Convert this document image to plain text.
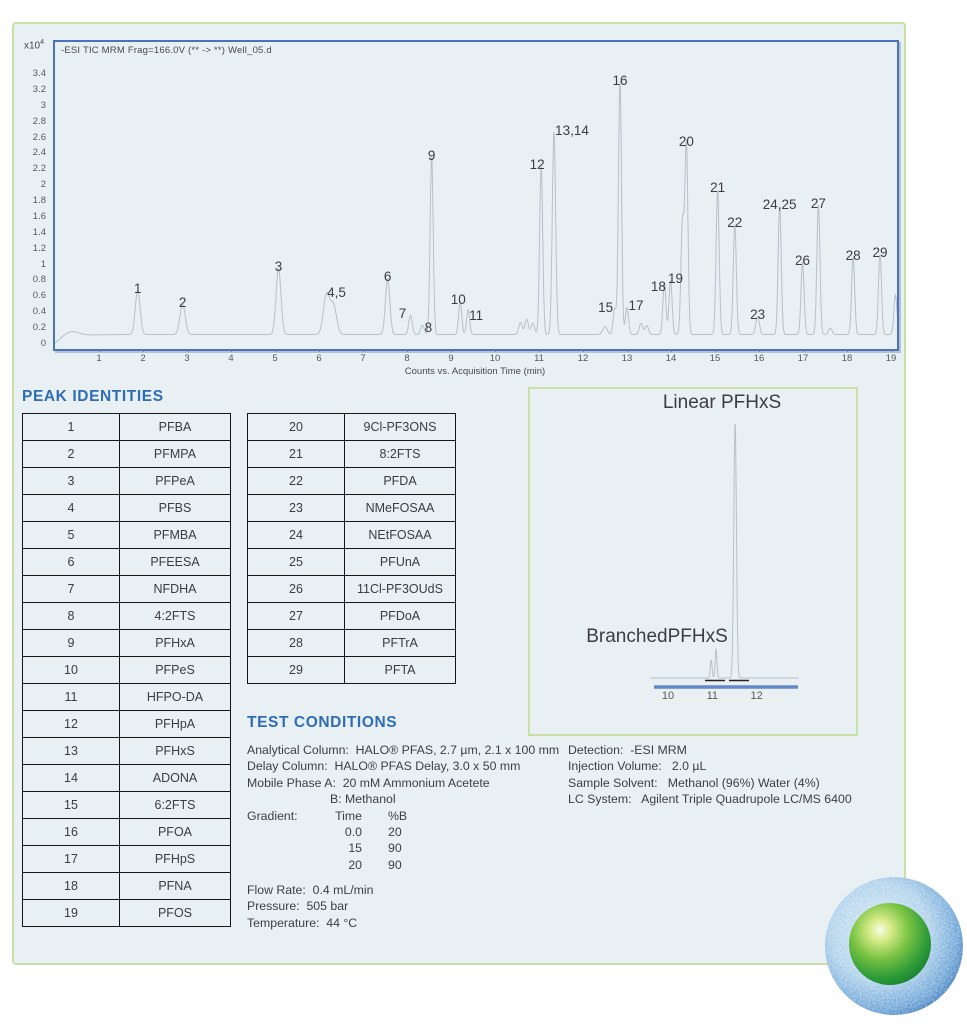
-ESI TIC MRM Frag=166.0V (** -> **) Well_05.d
$x10^4$
3.4
3.2
3
2.8
2.6
2.4
2.2
2
1.8
1.6
1.4
1.2
1
0.8
0.6
0.4
0.2
0
1	2	3	4	5	6	7	8	9	10	11	12	13	14	15	16	17	18	19
Counts vs. Acquisition Time (min)
1
2
3
4,5
6
7
8
9
10
11
12
13,14
15
16
17
18
19
20
21
22
23
24,25
26
27
28 29
PEAK IDENTITIES
1	PFBA
2	PFMPA
3	PFPeA
4	PFBS
5	PFMBA
6	PFEESA
7	NFDHA
8	4:2FTS
9	PFHxA
10	PFPeS
11	HFPO-DA
12	PFHpA
13	PFHxS
14	ADONA
15	6:2FTS
16	PFOA
17	PFHpS
18	PFNA
19	PFOS
20	9Cl-PF3ONS
21	8:2FTS
22	PFDA
23	NMeFOSAA
24	NEtFOSAA
25	PFUnA
26	11Cl-PF3OUdS
27	PFDoA
28	PFTrA
29	PFTA
TEST CONDITIONS
Analytical Column:  HALO® PFAS, 2.7 µm, 2.1 x 100 mm
Delay Column:  HALO® PFAS Delay, 3.0 x 50 mm
Mobile Phase A:  20 mM Ammonium Acetete
B: Methanol
Gradient:	Time %B
0.0 20
15 90
20 90
Flow Rate:  0.4 mL/min
Pressure:  505 bar
Temperature:  44 °C
Detection:  -ESI MRM
Injection Volume:   2.0 µL
Sample Solvent:   Methanol (96%) Water (4%)
LC System:   Agilent Triple Quadrupole LC/MS 6400
Linear PFHxS
BranchedPFHxS
10	11	12
